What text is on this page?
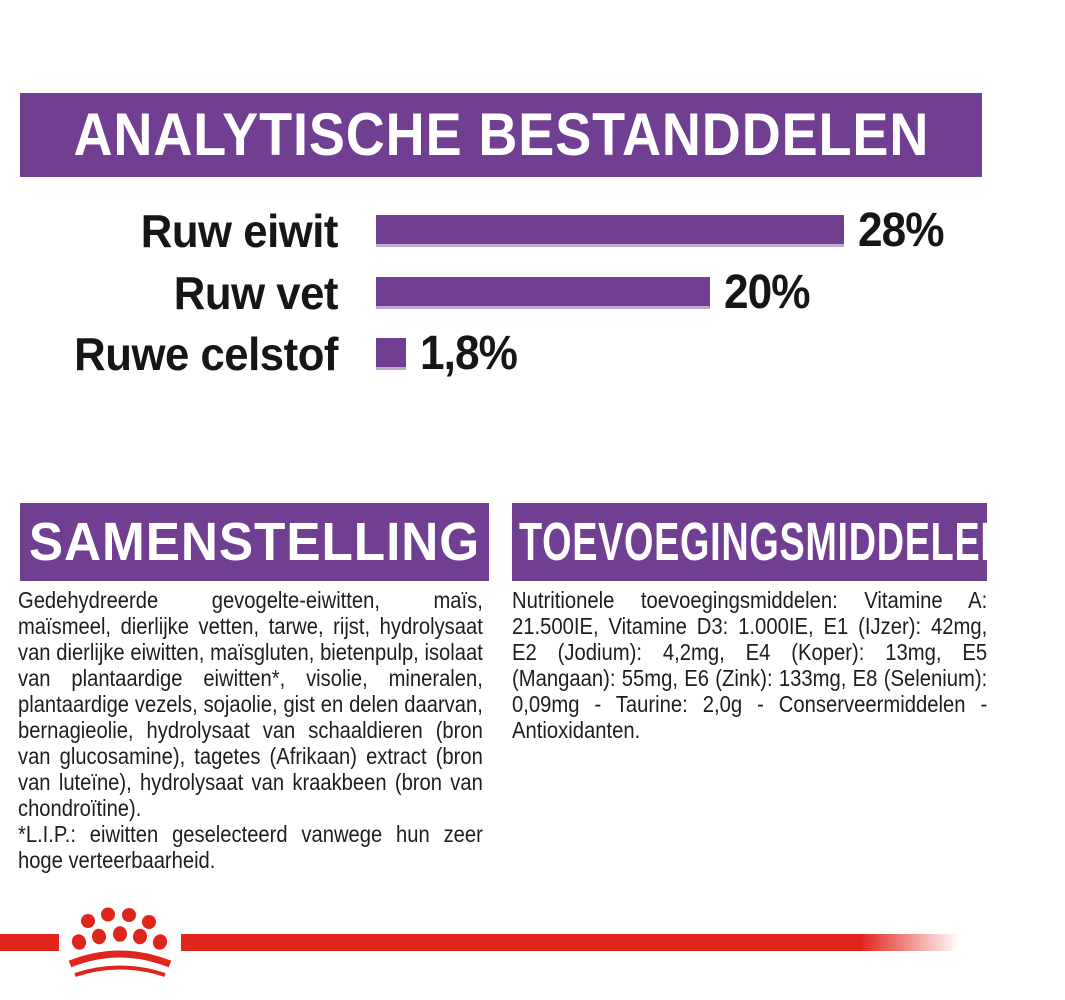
ANALYTISCHE BESTANDDELEN
Ruw eiwit	28%
Ruw vet	20%
Ruwe celstof 1,8%
SAMENSTELLING

Gedehydreerde gevogelte-eiwitten, maïs, maïsmeel, dierlijke vetten, tarwe, rijst, hydrolysaat van dierlijke eiwitten, maïsgluten, bietenpulp, isolaat van plantaardige eiwitten*, visolie, mineralen, plantaardige vezels, sojaolie, gist en delen daarvan, bernagieolie, hydrolysaat van schaaldieren (bron van glucosamine), tagetes (Afrikaan) extract (bron van luteïne), hydrolysaat van kraakbeen (bron van chondroïtine).

*L.I.P.: eiwitten geselecteerd vanwege hun zeer hoge verteerbaarheid.

TOEVOEGINGSMIDDELEN (/kg)

Nutritionele toevoegingsmiddelen: Vitamine A: 21.500IE, Vitamine D3: 1.000IE, E1 (IJzer): 42mg, E2 (Jodium): 4,2mg, E4 (Koper): 13mg, E5 (Mangaan): 55mg, E6 (Zink): 133mg, E8 (Selenium): 0,09mg - Taurine: 2,0g - Conserveermiddelen - Antioxidanten.
